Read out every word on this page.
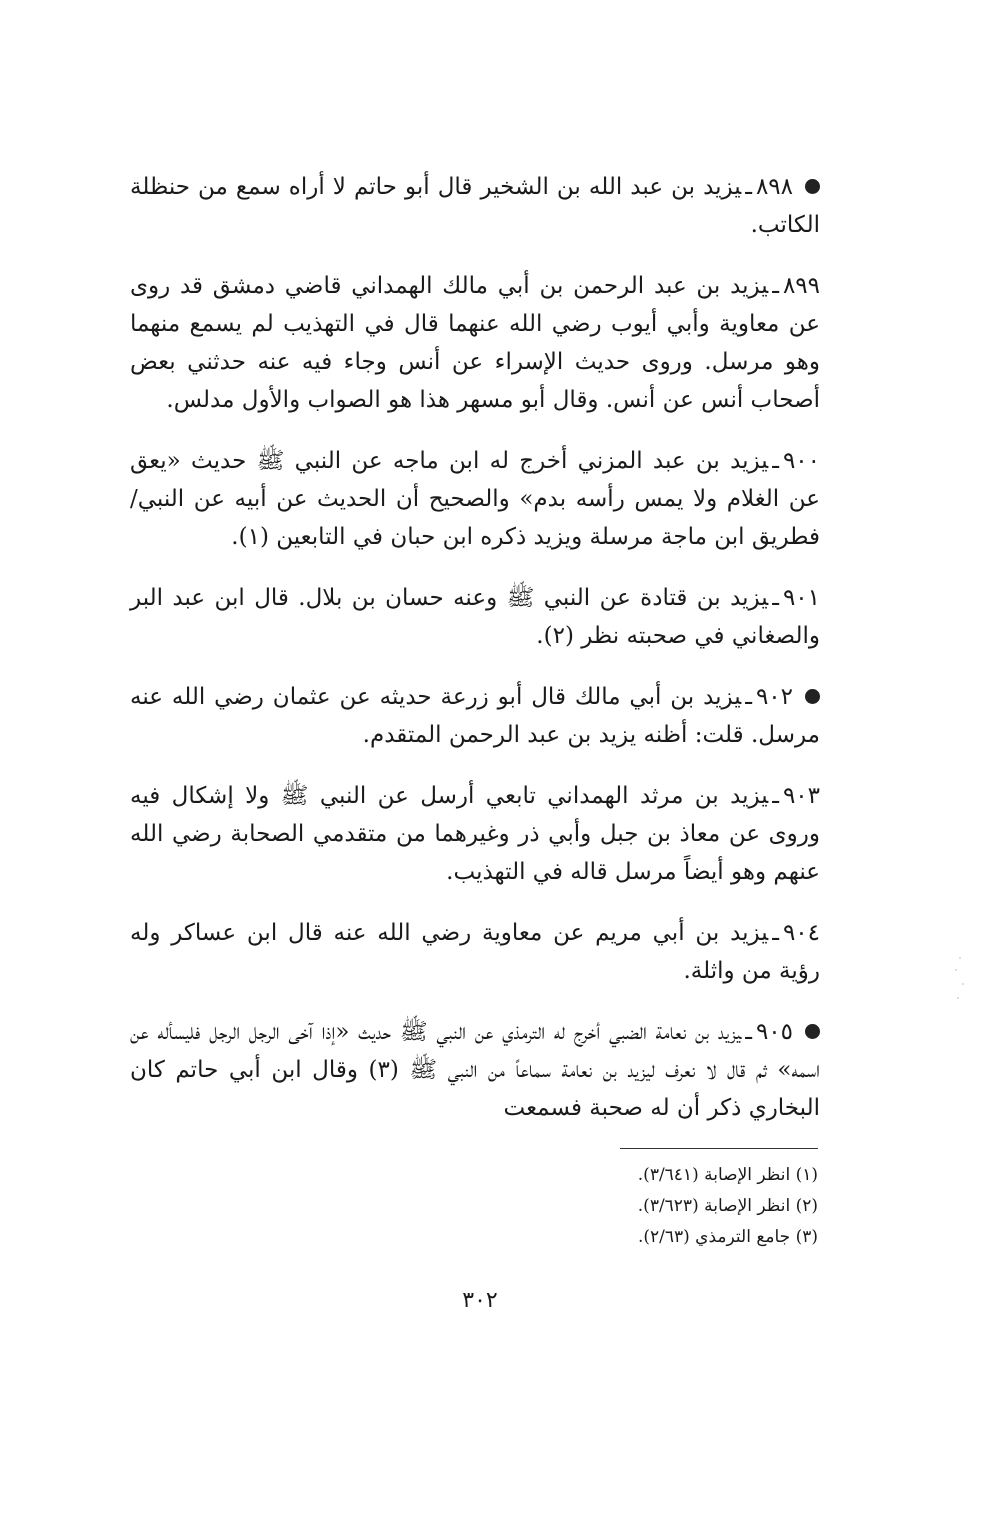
٨٩٨ـيزيد بن عبد الله بن الشخير قال أبو حاتم لا أراه سمع من حنظلة الكاتب.

٨٩٩ـيزيد بن عبد الرحمن بن أبي مالك الهمداني قاضي دمشق قد روى عن معاوية وأبي أيوب رضي الله عنهما قال في التهذيب لم يسمع منهما وهو مرسل. وروى حديث الإسراء عن أنس وجاء فيه عنه حدثني بعض أصحاب أنس عن أنس. وقال أبو مسهر هذا هو الصواب والأول مدلس.

٩٠٠ـيزيد بن عبد المزني أخرج له ابن ماجه عن النبي ﷺ حديث «يعق عن الغلام ولا يمس رأسه بدم» والصحيح أن الحديث عن أبيه عن النبي/ فطريق ابن ماجة مرسلة ويزيد ذكره ابن حبان في التابعين (١).

٩٠١ـيزيد بن قتادة عن النبي ﷺ وعنه حسان بن بلال. قال ابن عبد البر والصغاني في صحبته نظر (٢).

٩٠٢ـيزيد بن أبي مالك قال أبو زرعة حديثه عن عثمان رضي الله عنه مرسل. قلت: أظنه يزيد بن عبد الرحمن المتقدم.

٩٠٣ـيزيد بن مرثد الهمداني تابعي أرسل عن النبي ﷺ ولا إشكال فيه وروى عن معاذ بن جبل وأبي ذر وغيرهما من متقدمي الصحابة رضي الله عنهم وهو أيضاً مرسل قاله في التهذيب.

٩٠٤ـيزيد بن أبي مريم عن معاوية رضي الله عنه قال ابن عساكر وله رؤية من واثلة.

٩٠٥ـيزيد بن نعامة الضبي أخرج له الترمذي عن النبي ﷺ حديث «إذا آخى الرجل الرجل فليسأله عن اسمه» ثم قال لا نعرف ليزيد بن نعامة سماعاً من النبي ﷺ (٣) وقال ابن أبي حاتم كان البخاري ذكر أن له صحبة فسمعت

(١) انظر الإصابة (٣/٦٤١).
(٢) انظر الإصابة (٣/٦٢٣).
(٣) جامع الترمذي (٢/٦٣).
٣٠٢
